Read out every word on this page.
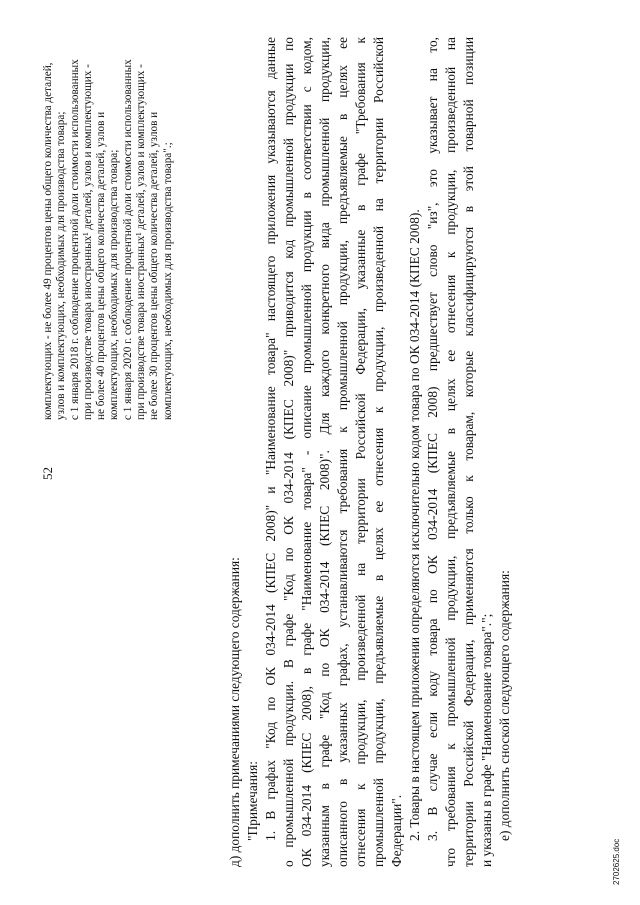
52
комплектующих - не более 49 процентов цены общего количества деталей, узлов и комплектующих, необходимых для производства товара; с 1 января 2018 г. соблюдение процентной доли стоимости использованных при производстве товара иностранных¹ деталей, узлов и комплектующих - не более 40 процентов цены общего количества деталей, узлов и комплектующих, необходимых для производства товара; с 1 января 2020 г. соблюдение процентной доли стоимости использованных при производстве товара иностранных¹ деталей, узлов и комплектующих - не более 30 процентов цены общего количества деталей, узлов и комплектующих, необходимых для производства товара".;
д) дополнить примечаниями следующего содержания: "Примечания: 1. В графах "Код по ОК 034-2014 (КПЕС 2008)" и "Наименование товара" настоящего приложения указываются данные о промышленной продукции. В графе "Код по ОК 034-2014 (КПЕС 2008)" приводится код промышленной продукции по ОК 034-2014 (КПЕС 2008), в графе "Наименование товара" - описание промышленной продукции в соответствии с кодом, указанным в графе "Код по ОК 034-2014 (КПЕС 2008)". Для каждого конкретного вида промышленной продукции, описанного в указанных графах, устанавливаются требования к промышленной продукции, предъявляемые в целях ее отнесения к продукции, произведенной на территории Российской Федерации, указанные в графе "Требования к промышленной продукции, предъявляемые в целях ее отнесения к продукции, произведенной на территории Российской Федерации". 2. Товары в настоящем приложении определяются исключительно кодом товара по ОК 034-2014 (КПЕС 2008). 3. В случае если коду товара по ОК 034-2014 (КПЕС 2008) предшествует слово "из", это указывает на то, что требования к промышленной продукции, предъявляемые в целях ее отнесения к продукции, произведенной на территории Российской Федерации, применяются только к товарам, которые классифицируются в этой товарной позиции и указаны в графе "Наименование товара"."; е) дополнить сноской следующего содержания:
2702625.doc
